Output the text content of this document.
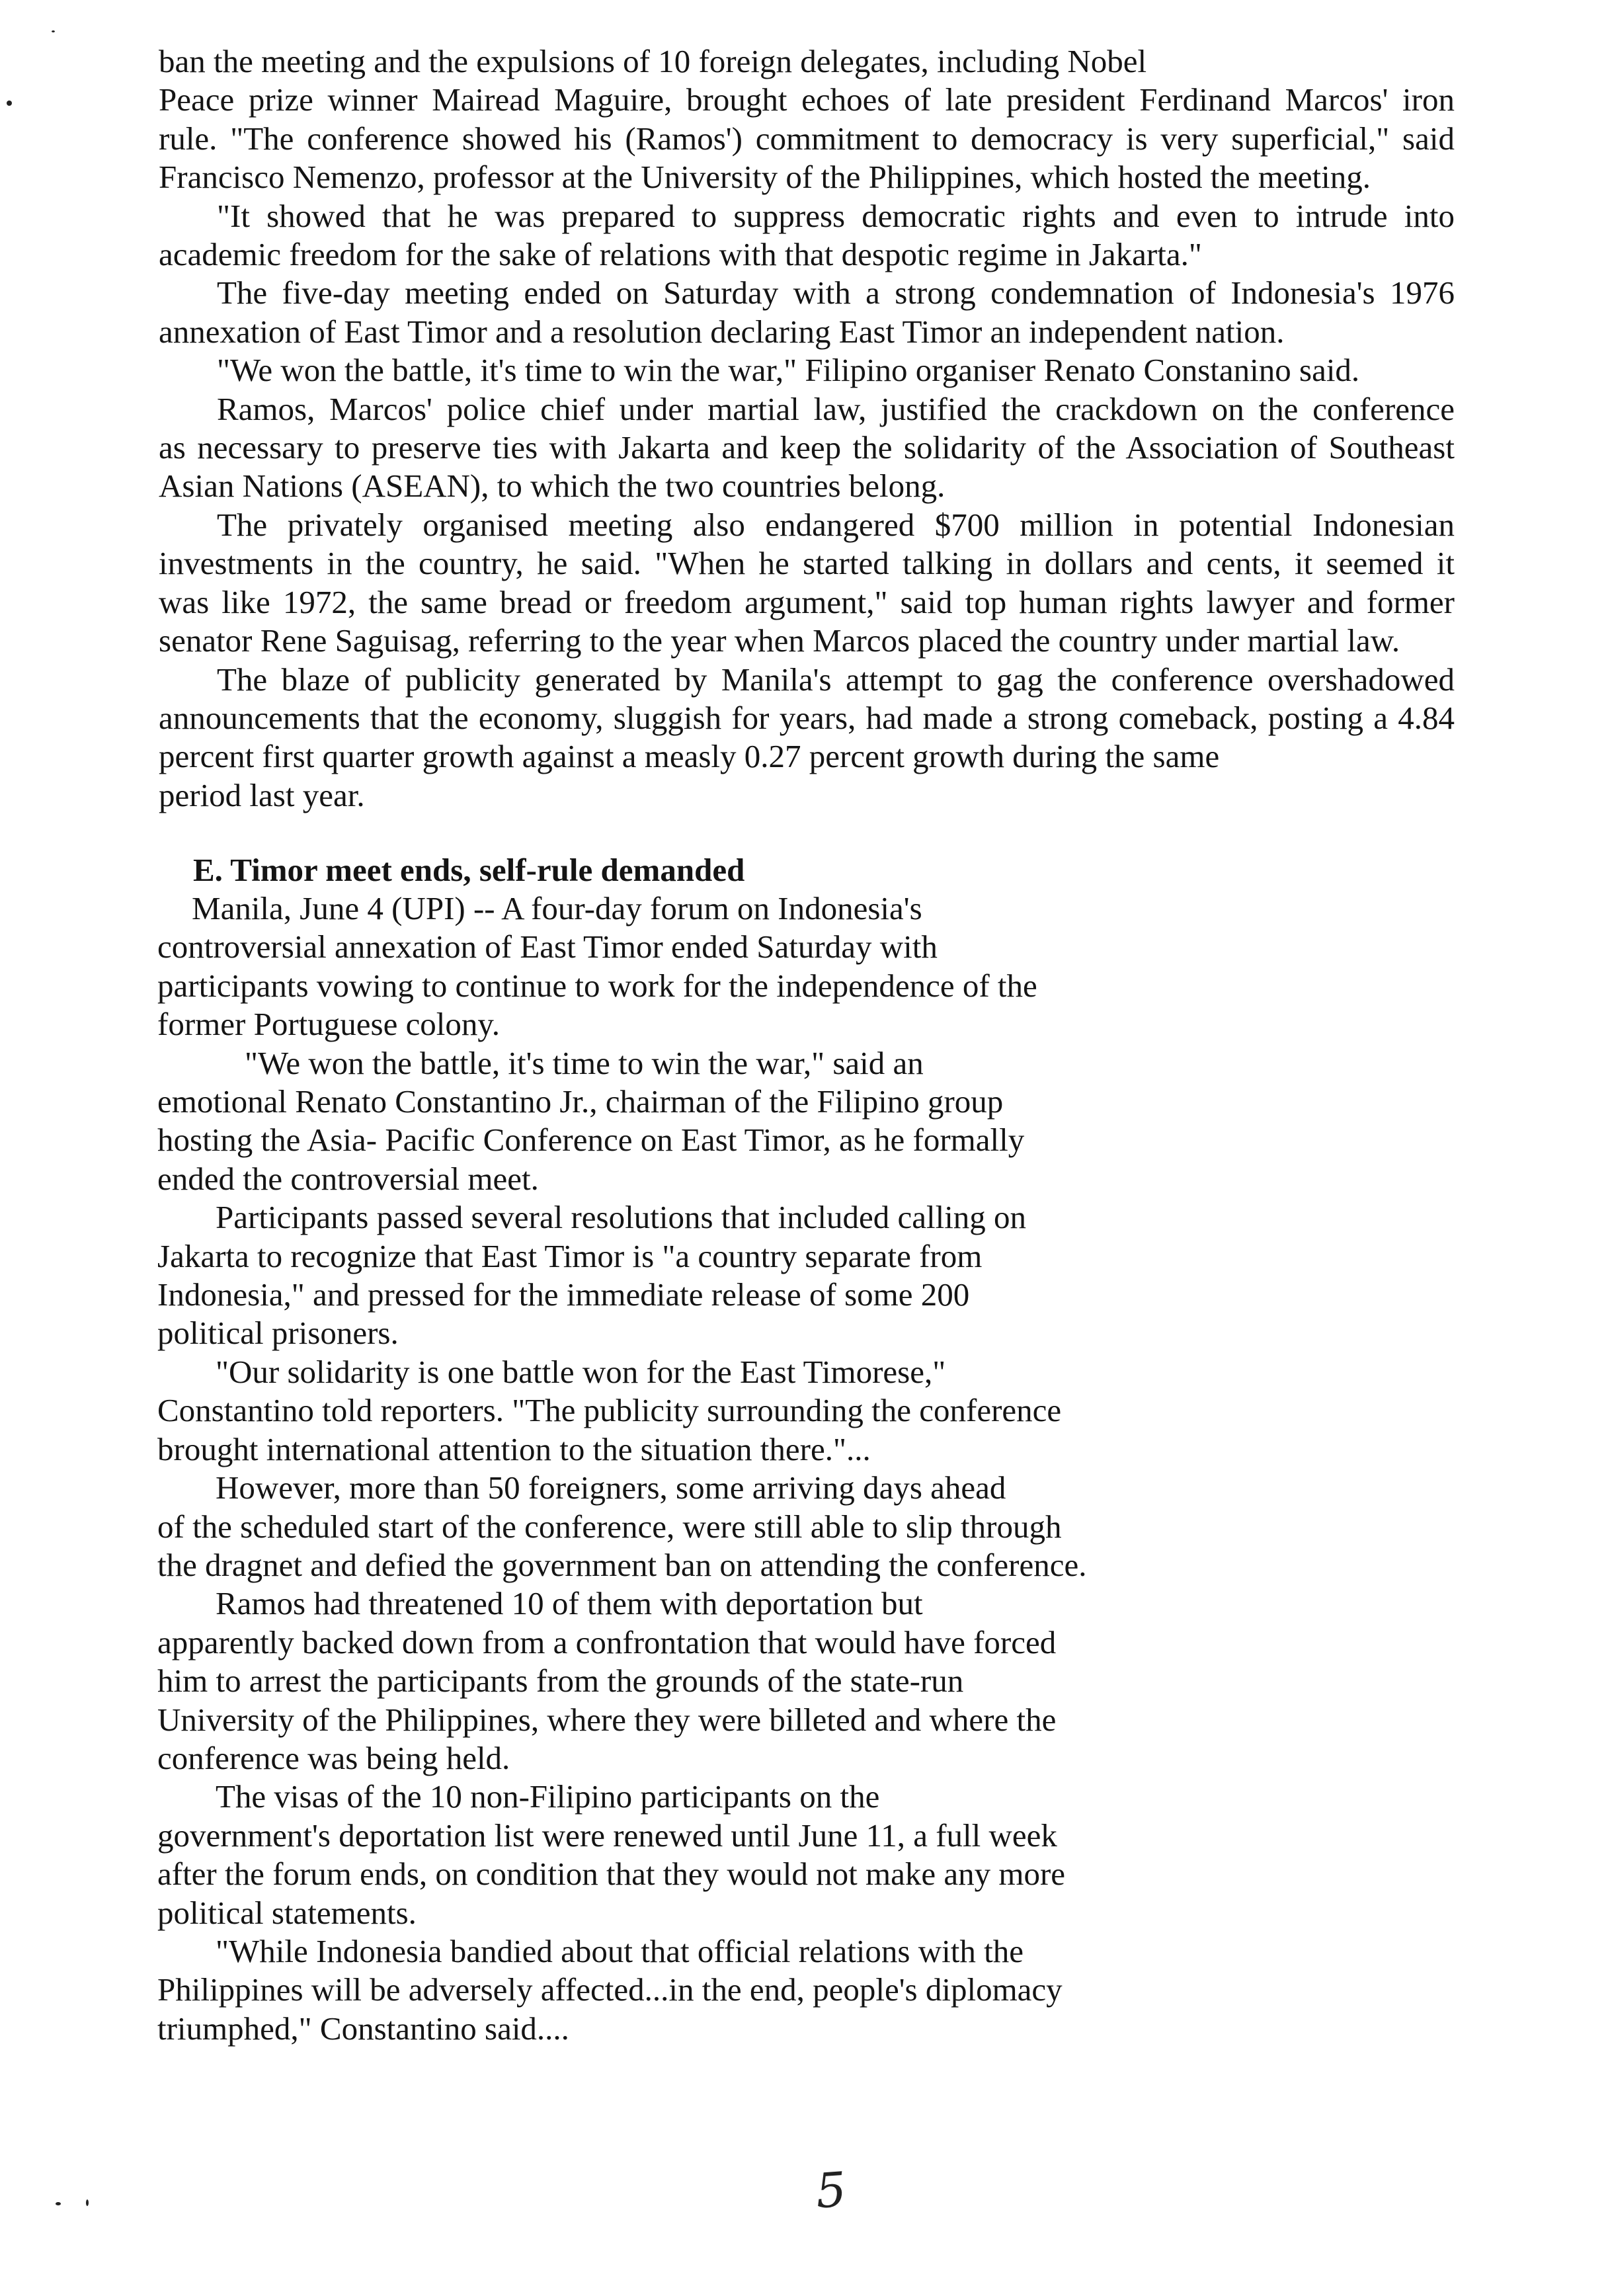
ban the meeting and the expulsions of 10 foreign delegates, including Nobel

Peace prize winner Mairead Maguire, brought echoes of late president Ferdinand Marcos' iron

rule. "The conference showed his (Ramos') commitment to democracy is very superficial," said

Francisco Nemenzo, professor at the University of the Philippines, which hosted the meeting.

"It showed that he was prepared to suppress democratic rights and even to intrude into

academic freedom for the sake of relations with that despotic regime in Jakarta."

The five-day meeting ended on Saturday with a strong condemnation of Indonesia's 1976

annexation of East Timor and a resolution declaring East Timor an independent nation.

"We won the battle, it's time to win the war," Filipino organiser Renato Constanino said.

Ramos, Marcos' police chief under martial law, justified the crackdown on the conference

as necessary to preserve ties with Jakarta and keep the solidarity of the Association of Southeast

Asian Nations (ASEAN), to which the two countries belong.

The privately organised meeting also endangered $700 million in potential Indonesian

investments in the country, he said. "When he started talking in dollars and cents, it seemed it

was like 1972, the same bread or freedom argument," said top human rights lawyer and former

senator Rene Saguisag, referring to the year when Marcos placed the country under martial law.

The blaze of publicity generated by Manila's attempt to gag the conference overshadowed

announcements that the economy, sluggish for years, had made a strong comeback, posting a 4.84

percent first quarter growth against a measly 0.27 percent growth during the same

period last year.

E. Timor meet ends, self-rule demanded

Manila, June 4 (UPI) -- A four-day forum on Indonesia's

controversial annexation of East Timor ended Saturday with

participants vowing to continue to work for the independence of the

former Portuguese colony.

"We won the battle, it's time to win the war," said an

emotional Renato Constantino Jr., chairman of the Filipino group

hosting the Asia- Pacific Conference on East Timor, as he formally

ended the controversial meet.

Participants passed several resolutions that included calling on

Jakarta to recognize that East Timor is "a country separate from

Indonesia," and pressed for the immediate release of some 200

political prisoners.

"Our solidarity is one battle won for the East Timorese,"

Constantino told reporters. "The publicity surrounding the conference

brought international attention to the situation there."...

However, more than 50 foreigners, some arriving days ahead

of the scheduled start of the conference, were still able to slip through

the dragnet and defied the government ban on attending the conference.

Ramos had threatened 10 of them with deportation but

apparently backed down from a confrontation that would have forced

him to arrest the participants from the grounds of the state-run

University of the Philippines, where they were billeted and where the

conference was being held.

The visas of the 10 non-Filipino participants on the

government's deportation list were renewed until June 11, a full week

after the forum ends, on condition that they would not make any more

political statements.

"While Indonesia bandied about that official relations with the

Philippines will be adversely affected...in the end, people's diplomacy

triumphed," Constantino said....

5
